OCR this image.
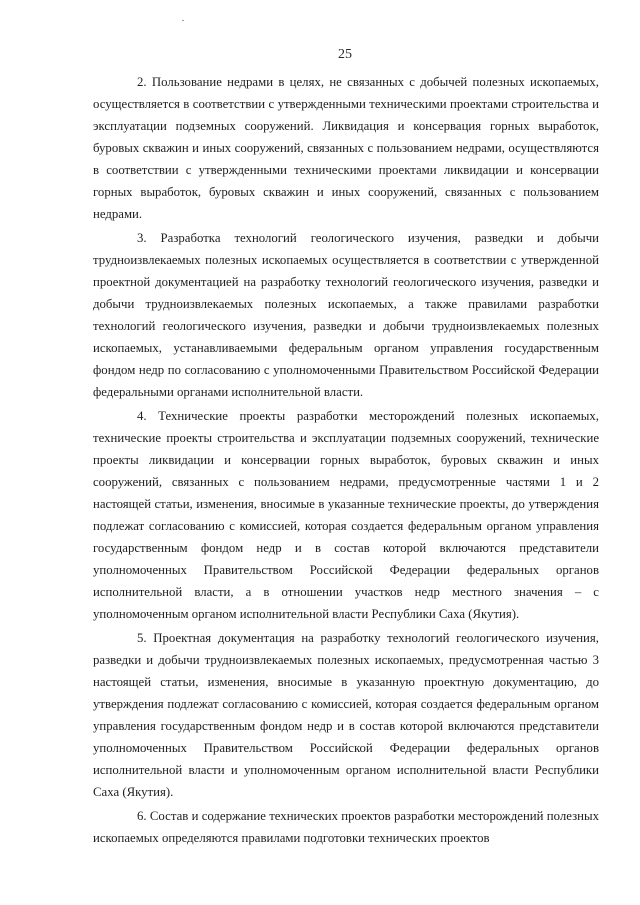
25

2. Пользование недрами в целях, не связанных с добычей полезных ископаемых, осуществляется в соответствии с утвержденными техническими проектами строительства и эксплуатации подземных сооружений. Ликвидация и консервация горных выработок, буровых скважин и иных сооружений, связанных с пользованием недрами, осуществляются в соответствии с утвержденными техническими проектами ликвидации и консервации горных выработок, буровых скважин и иных сооружений, связанных с пользованием недрами.

3. Разработка технологий геологического изучения, разведки и добычи трудноизвлекаемых полезных ископаемых осуществляется в соответствии с утвержденной проектной документацией на разработку технологий геологического изучения, разведки и добычи трудноизвлекаемых полезных ископаемых, а также правилами разработки технологий геологического изучения, разведки и добычи трудноизвлекаемых полезных ископаемых, устанавливаемыми федеральным органом управления государственным фондом недр по согласованию с уполномоченными Правительством Российской Федерации федеральными органами исполнительной власти.

4. Технические проекты разработки месторождений полезных ископаемых, технические проекты строительства и эксплуатации подземных сооружений, технические проекты ликвидации и консервации горных выработок, буровых скважин и иных сооружений, связанных с пользованием недрами, предусмотренные частями 1 и 2 настоящей статьи, изменения, вносимые в указанные технические проекты, до утверждения подлежат согласованию с комиссией, которая создается федеральным органом управления государственным фондом недр и в состав которой включаются представители уполномоченных Правительством Российской Федерации федеральных органов исполнительной власти, а в отношении участков недр местного значения – с уполномоченным органом исполнительной власти Республики Саха (Якутия).

5. Проектная документация на разработку технологий геологического изучения, разведки и добычи трудноизвлекаемых полезных ископаемых, предусмотренная частью 3 настоящей статьи, изменения, вносимые в указанную проектную документацию, до утверждения подлежат согласованию с комиссией, которая создается федеральным органом управления государственным фондом недр и в состав которой включаются представители уполномоченных Правительством Российской Федерации федеральных органов исполнительной власти и уполномоченным органом исполнительной власти Республики Саха (Якутия).

6. Состав и содержание технических проектов разработки месторождений полезных ископаемых определяются правилами подготовки технических проектов
